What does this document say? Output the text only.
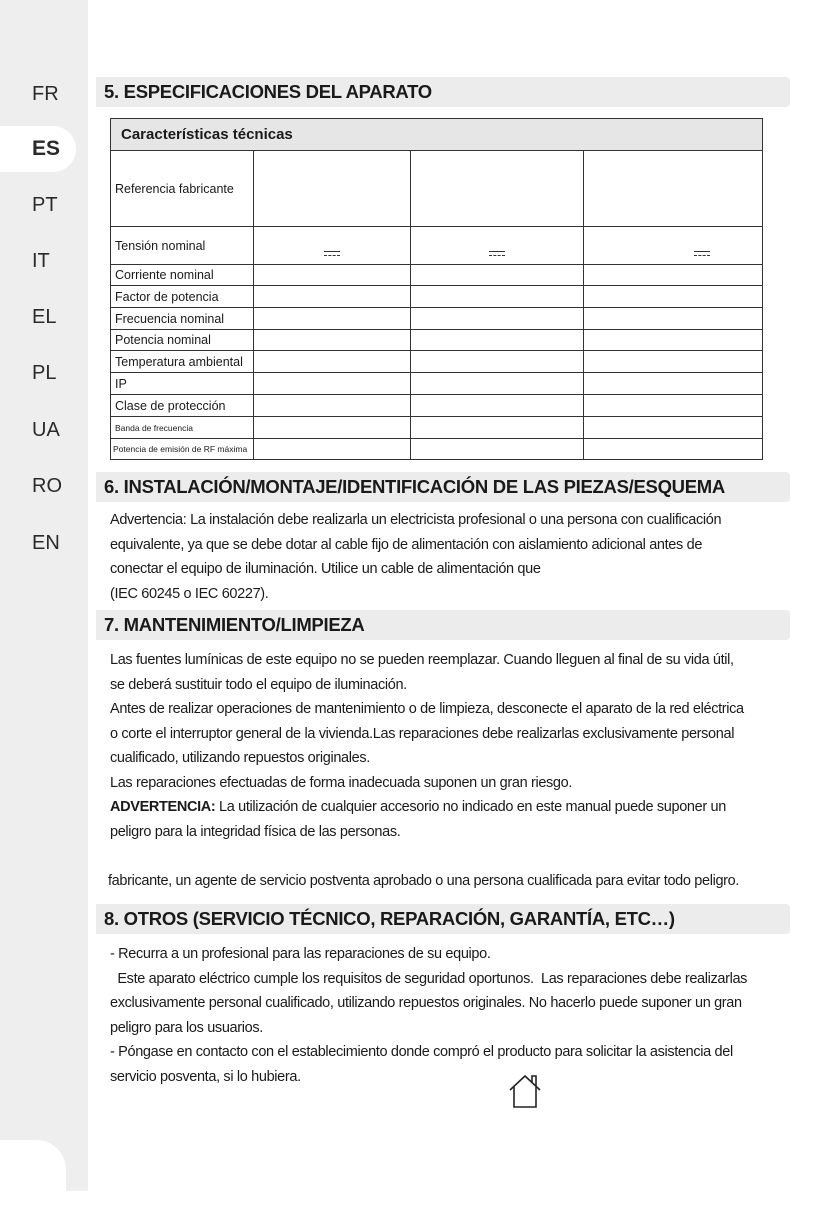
FR
ES
PT
IT
EL
PL
UA
RO
EN
5. ESPECIFICACIONES DEL APARATO
Características técnicas			
Referencia fabricante			
Tensión nominal			
Corriente nominal			
Factor de potencia			
Frecuencia nominal			
Potencia nominal			
Temperatura ambiental			
IP			
Clase de protección			
Banda de frecuencia			
Potencia de emisión de RF máxima			
6. INSTALACIÓN/MONTAJE/IDENTIFICACIÓN DE LAS PIEZAS/ESQUEMA

Advertencia: La instalación debe realizarla un electricista profesional o una persona con cualificación

equivalente, ya que se debe dotar al cable fijo de alimentación con aislamiento adicional antes de

conectar el equipo de iluminación. Utilice un cable de alimentación que

(IEC 60245 o IEC 60227).

7. MANTENIMIENTO/LIMPIEZA

Las fuentes lumínicas de este equipo no se pueden reemplazar. Cuando lleguen al final de su vida útil,

se deberá sustituir todo el equipo de iluminación.

Antes de realizar operaciones de mantenimiento o de limpieza, desconecte el aparato de la red eléctrica

o corte el interruptor general de la vivienda.Las reparaciones debe realizarlas exclusivamente personal

cualificado, utilizando repuestos originales.

Las reparaciones efectuadas de forma inadecuada suponen un gran riesgo.

ADVERTENCIA: La utilización de cualquier accesorio no indicado en este manual puede suponer un

peligro para la integridad física de las personas.

fabricante, un agente de servicio postventa aprobado o una persona cualificada para evitar todo peligro.

8. OTROS (SERVICIO TÉCNICO, REPARACIÓN, GARANTÍA, ETC…)

- Recurra a un profesional para las reparaciones de su equipo.

Este aparato eléctrico cumple los requisitos de seguridad oportunos.  Las reparaciones debe realizarlas

exclusivamente personal cualificado, utilizando repuestos originales. No hacerlo puede suponer un gran

peligro para los usuarios.

- Póngase en contacto con el establecimiento donde compró el producto para solicitar la asistencia del

servicio posventa, si lo hubiera.
